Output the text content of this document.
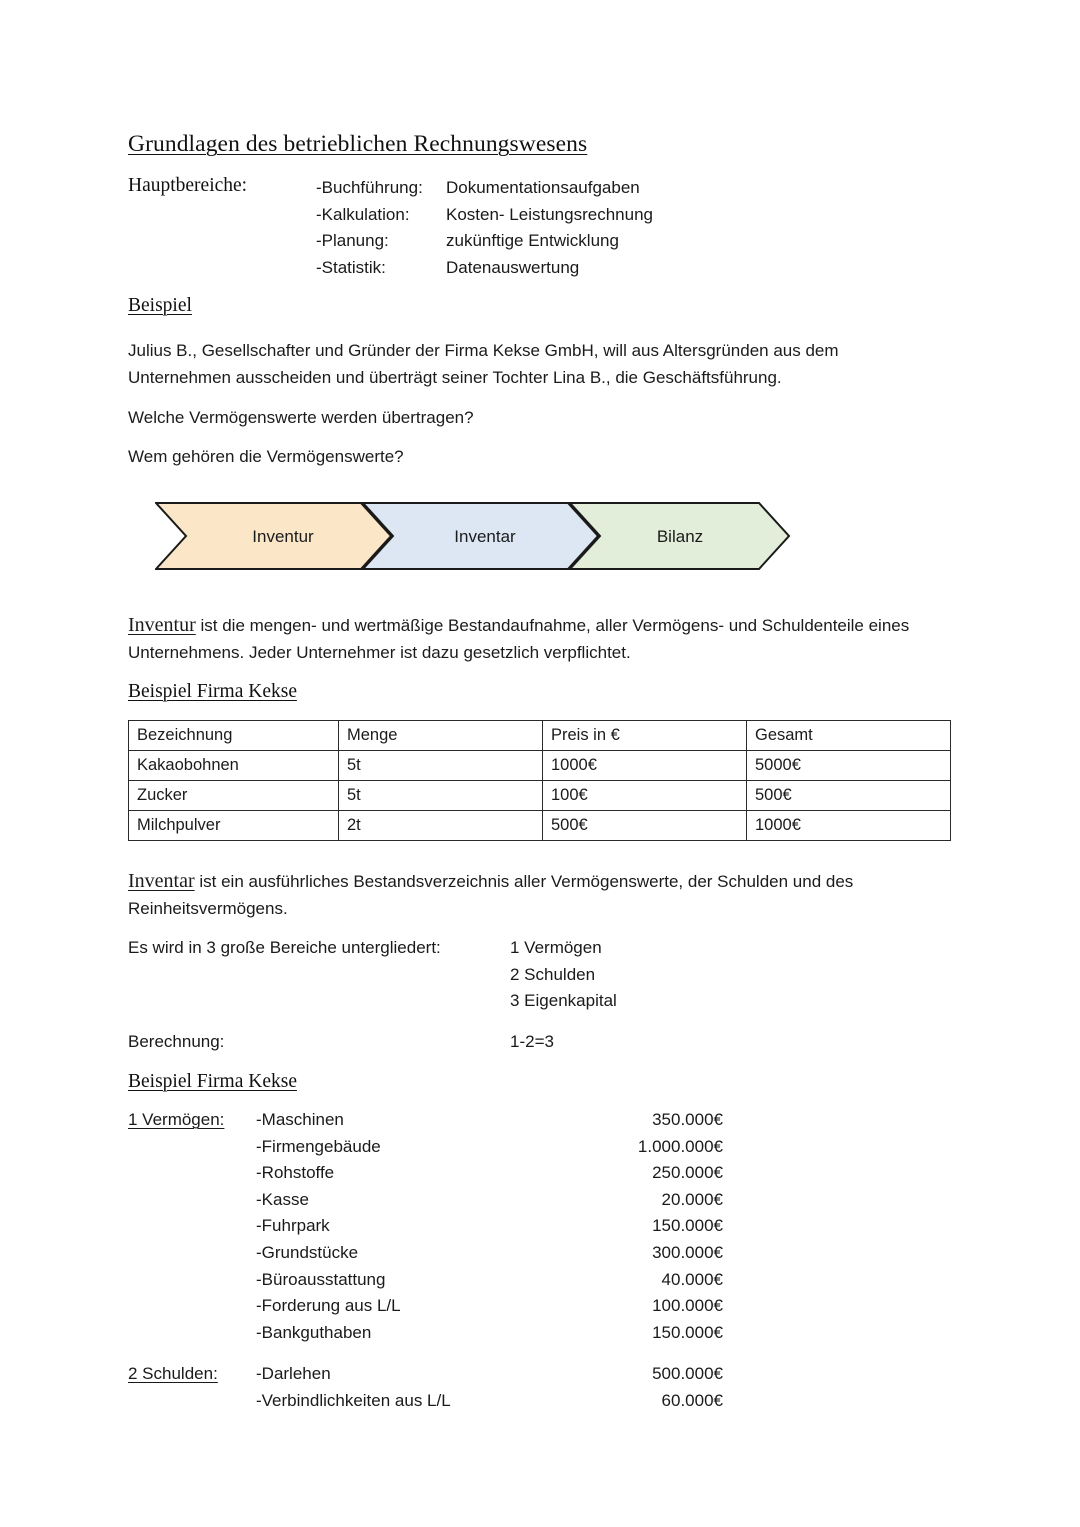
Grundlagen des betrieblichen Rechnungswesens
Hauptbereiche:	-Buchführung: Dokumentationsaufgaben
-Kalkulation: Kosten- Leistungsrechnung
-Planung:	zukünftige Entwicklung
-Statistik:	Datenauswertung
Beispiel
Julius B., Gesellschafter und Gründer der Firma Kekse GmbH, will aus Altersgründen aus dem Unternehmen ausscheiden und überträgt seiner Tochter Lina B., die Geschäftsführung.
Welche Vermögenswerte werden übertragen?
Wem gehören die Vermögenswerte?
Inventur	Inventar	Bilanz
Inventur ist die mengen- und wertmäßige Bestandaufnahme, aller Vermögens- und Schuldenteile eines Unternehmens. Jeder Unternehmer ist dazu gesetzlich verpflichtet.
Beispiel Firma Kekse
Bezeichnung	Menge	Preis in €	Gesamt
Kakaobohnen	5t	1000€	5000€
Zucker	5t	100€	500€
Milchpulver	2t	500€	1000€
Inventar ist ein ausführliches Bestandsverzeichnis aller Vermögenswerte, der Schulden und des Reinheitsvermögens.
Es wird in 3 große Bereiche untergliedert:	1 Vermögen
2 Schulden
3 Eigenkapital
Berechnung:	1-2=3
Beispiel Firma Kekse
1 Vermögen: -Maschinen	350.000€
-Firmengebäude	1.000.000€
-Rohstoffe	250.000€
-Kasse	20.000€
-Fuhrpark	150.000€
-Grundstücke	300.000€
-Büroausstattung	40.000€
-Forderung aus L/L	100.000€
-Bankguthaben	150.000€
2 Schulden: -Darlehen	500.000€
-Verbindlichkeiten aus L/L	60.000€
